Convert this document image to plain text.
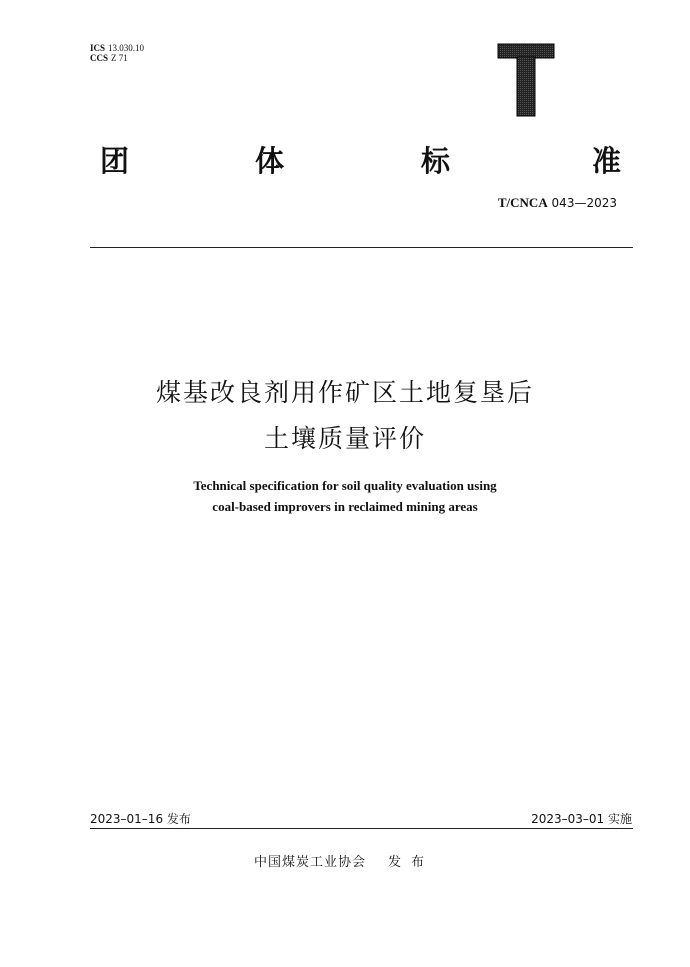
ICS 13.030.10
CCS Z 71
团	体	标	准
T/CNCA 043—2023
煤基改良剂用作矿区土地复垦后
土壤质量评价
Technical specification for soil quality evaluation using
coal-based improvers in reclaimed mining areas
2023–01–16 发布	2023–03–01 实施
中国煤炭工业协会 发布
